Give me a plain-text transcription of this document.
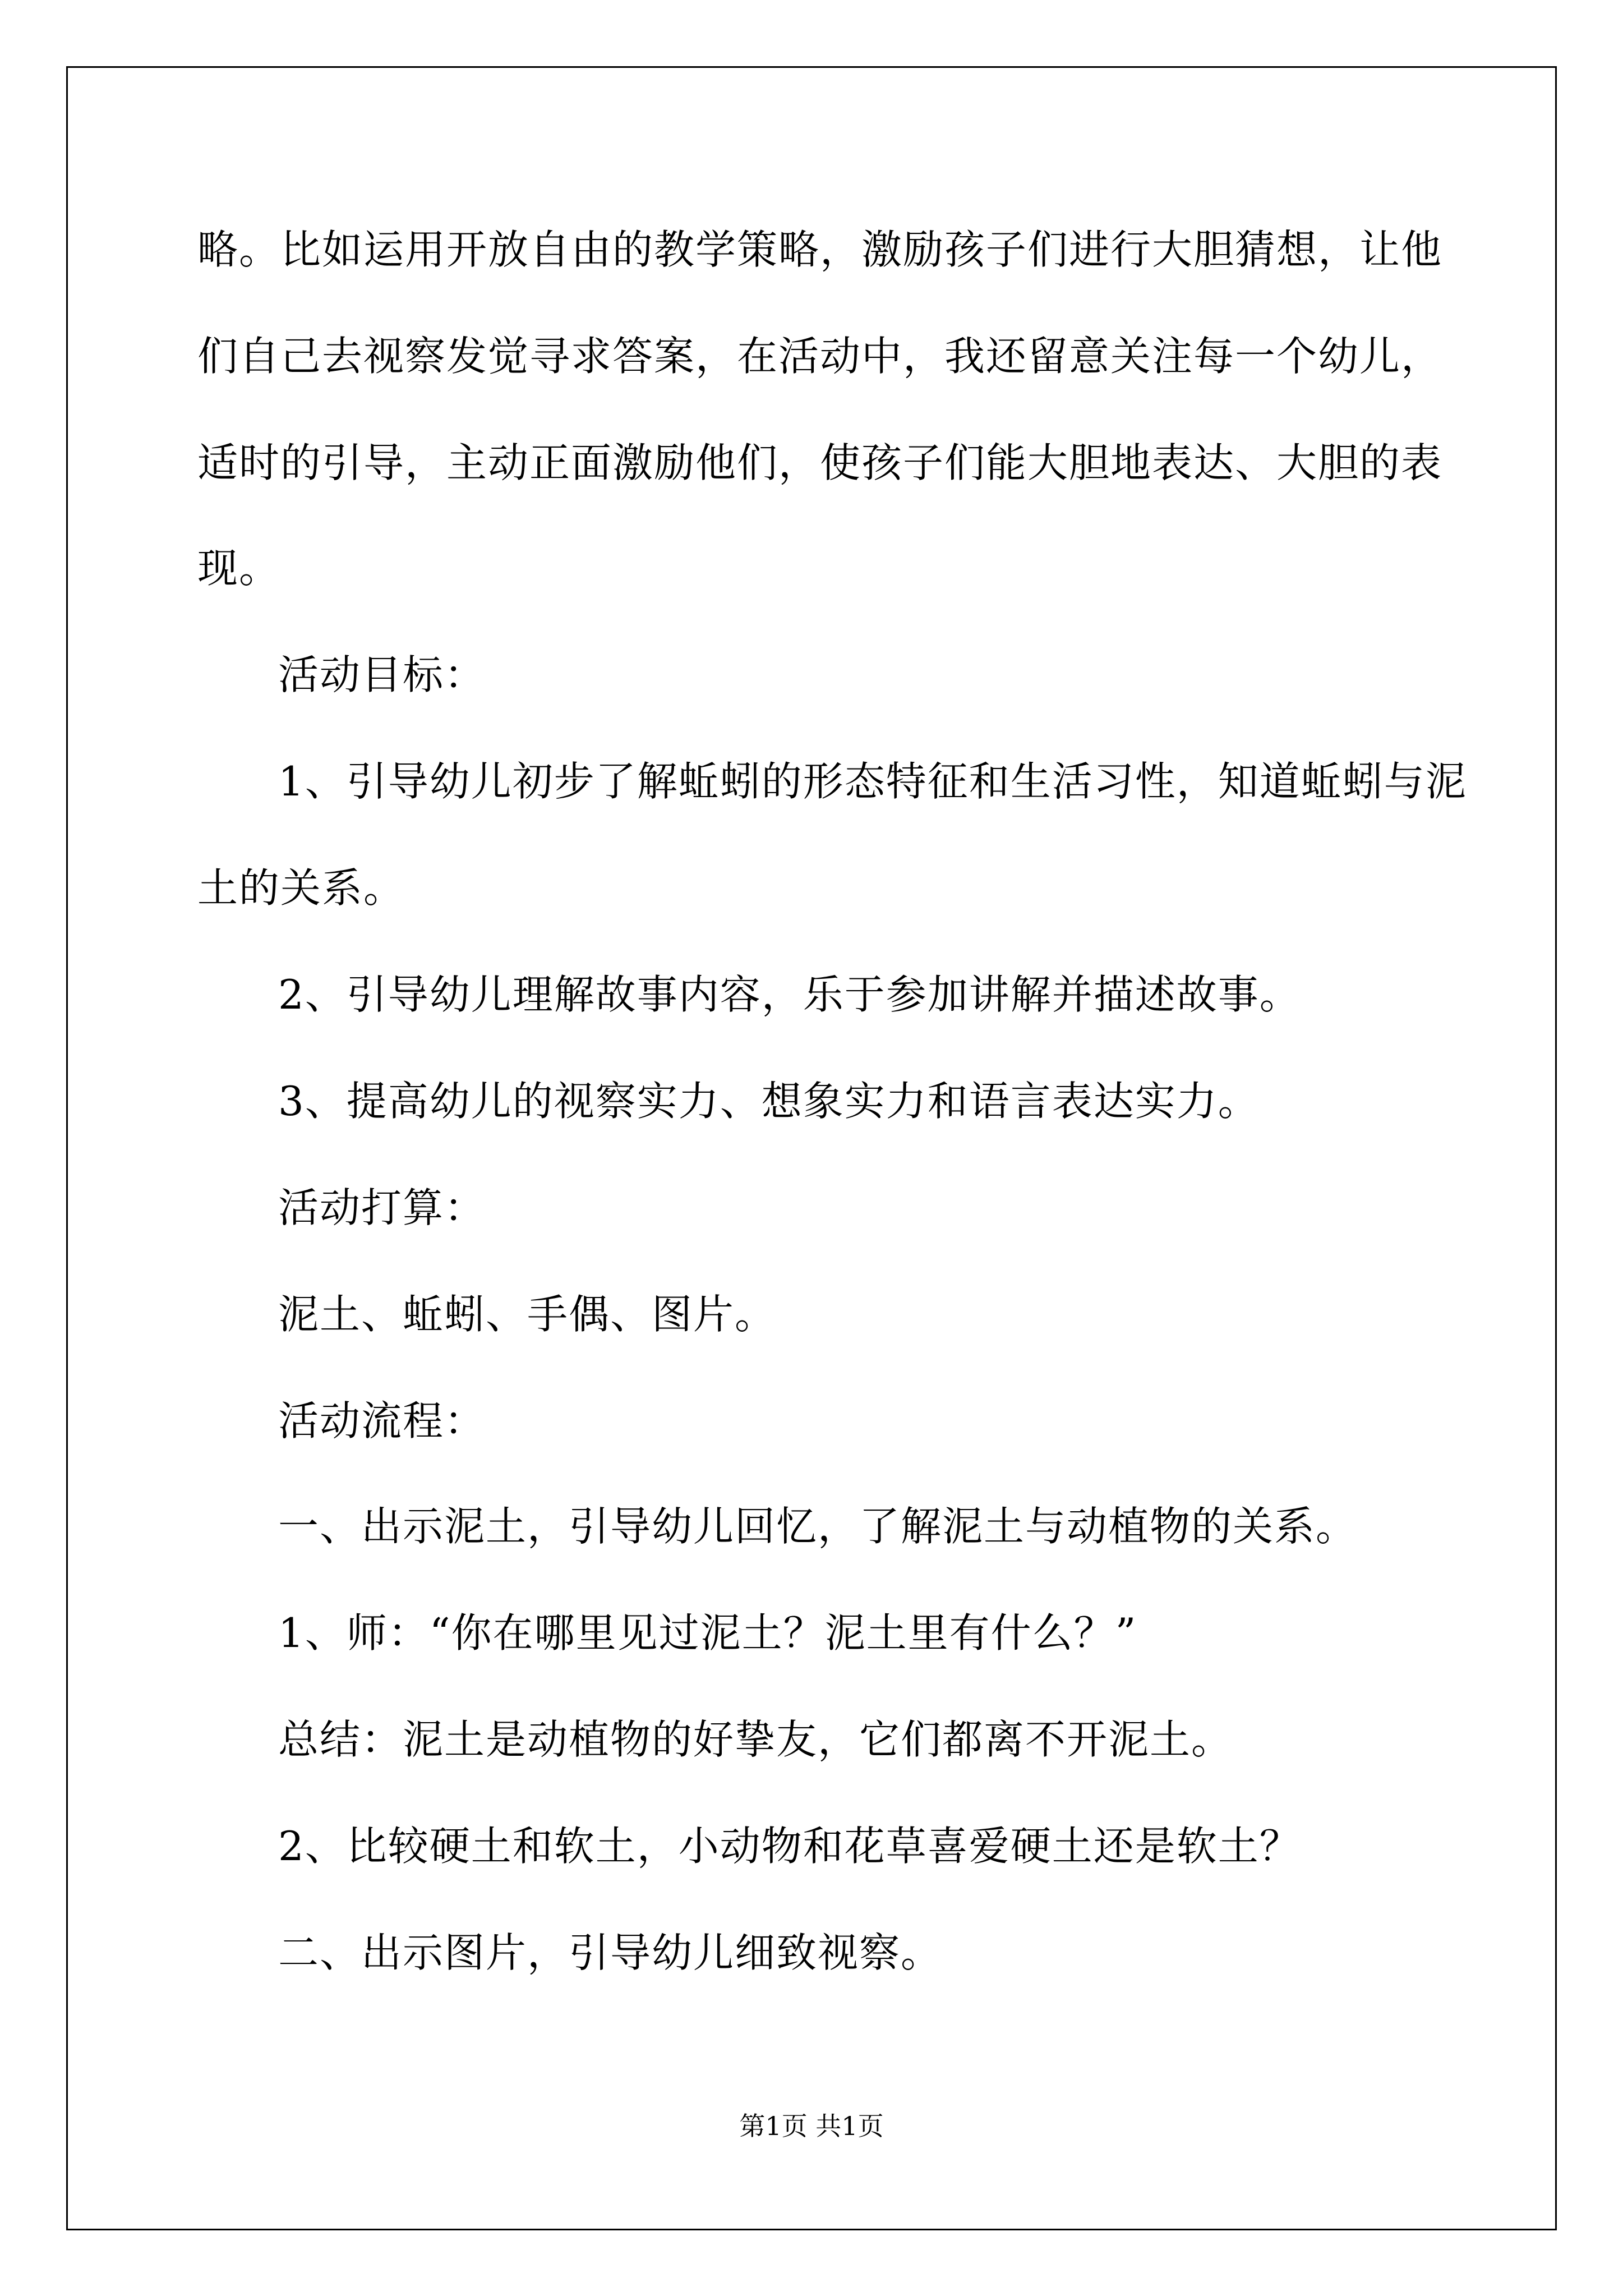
略。比如运用开放自由的教学策略，激励孩子们进行大胆猜想，让他
们自己去视察发觉寻求答案，在活动中，我还留意关注每一个幼儿，
适时的引导，主动正面激励他们，使孩子们能大胆地表达、大胆的表
现。
活动目标：
1、引导幼儿初步了解蚯蚓的形态特征和生活习性，知道蚯蚓与泥
土的关系。
2、引导幼儿理解故事内容，乐于参加讲解并描述故事。
3、提高幼儿的视察实力、想象实力和语言表达实力。
活动打算：
泥土、蚯蚓、手偶、图片。
活动流程：
一、出示泥土，引导幼儿回忆，了解泥土与动植物的关系。
1、师：“你在哪里见过泥土？泥土里有什么？”
总结：泥土是动植物的好挚友，它们都离不开泥土。
2、比较硬土和软土，小动物和花草喜爱硬土还是软土？
二、出示图片，引导幼儿细致视察。
第1页 共1页
